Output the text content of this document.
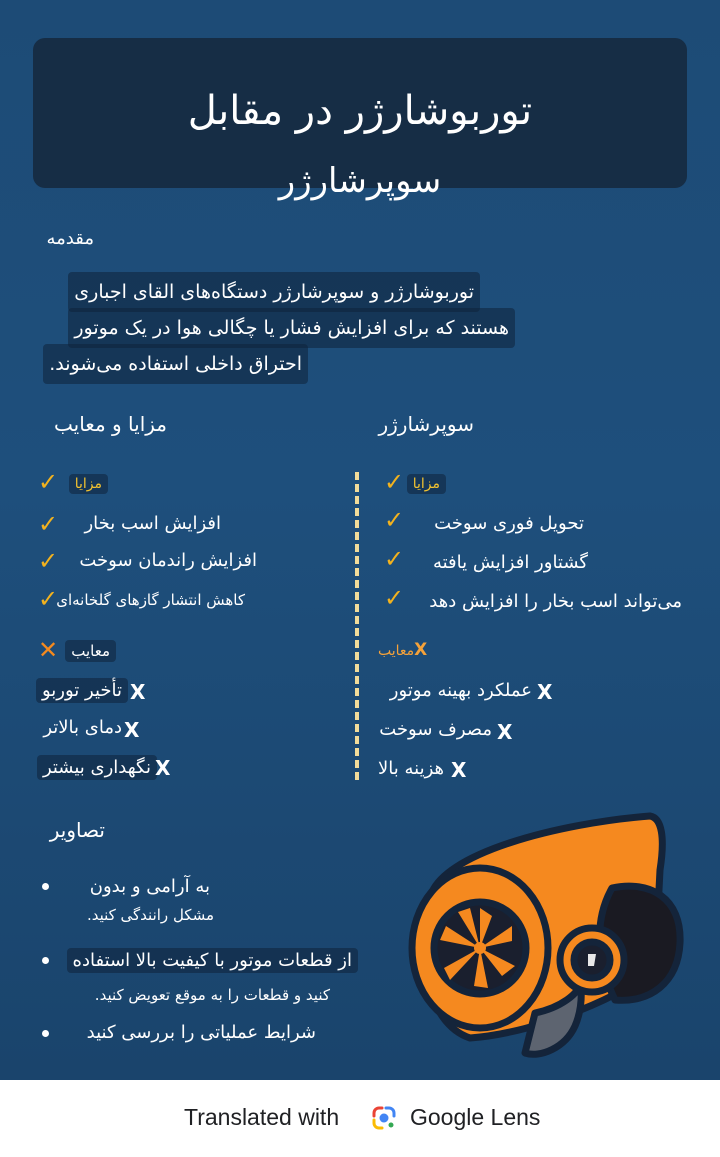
توربوشارژر در مقابل
سوپرشارژر
مقدمه
توربوشارژر و سوپرشارژر دستگاه‌های القای اجباری
هستند که برای افزایش فشار یا چگالی هوا در یک موتور
احتراق داخلی استفاده می‌شوند.
مزایا و معایب
✓	مزایا
✓ افزایش اسب بخار
✓ افزایش راندمان سوخت
✓
کاهش انتشار گازهای گلخانه‌ای
✕ معایب
تأخیر توربو X
دمای بالاتر X
نگهداری بیشتر X
سوپرشارژر
✓ مزایا
✓ تحویل فوری سوخت
✓ گشتاور افزایش یافته
✓ می‌تواند اسب بخار را افزایش دهد
معایبX
عملکرد بهینه موتور X
مصرف سوخت X
هزینه بالا X
تصاویر
به آرامی و بدون
مشکل رانندگی کنید.
از قطعات موتور با کیفیت بالا استفاده
کنید و قطعات را به موقع تعویض کنید.
شرایط عملیاتی را بررسی کنید
Translated with	Google Lens
